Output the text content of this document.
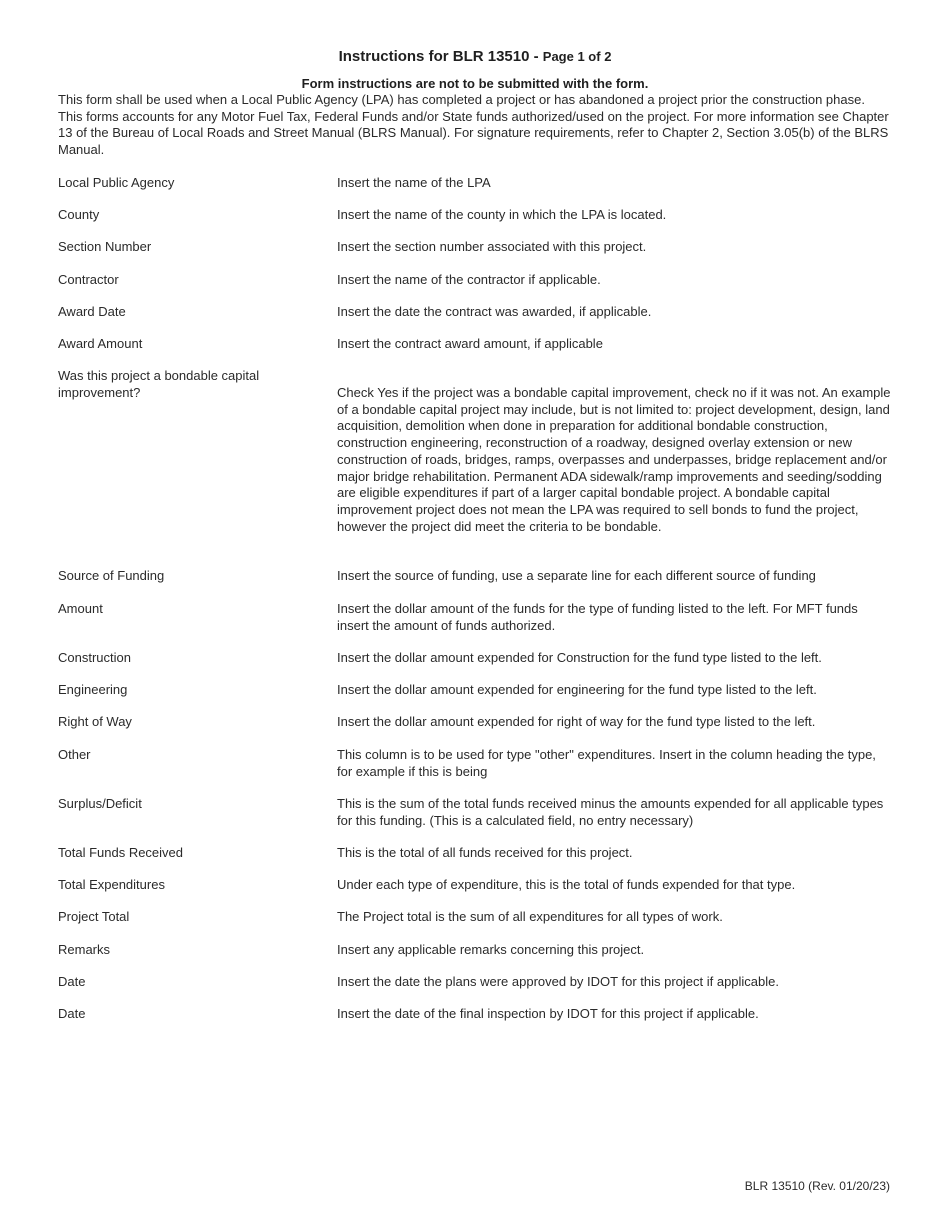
Instructions for BLR 13510 - Page 1 of 2
Form instructions are not to be submitted with the form.
This form shall be used when a Local Public Agency (LPA) has completed a project or has abandoned a project prior the construction phase. This forms accounts for any Motor Fuel Tax, Federal Funds and/or State funds authorized/used on the project. For more information see Chapter 13 of the Bureau of Local Roads and Street Manual (BLRS Manual). For signature requirements, refer to Chapter 2, Section 3.05(b) of the BLRS Manual.
Local Public Agency	Insert the name of the LPA
County	Insert the name of the county in which the LPA is located.
Section Number	Insert the section number associated with this project.
Contractor	Insert the name of the contractor if applicable.
Award Date	Insert the date the contract was awarded, if applicable.
Award Amount	Insert the contract award amount, if applicable
Was this project a bondable capital improvement?	Check Yes if the project was a bondable capital improvement, check no if it was not. An example of a bondable capital project may include, but is not limited to: project development, design, land acquisition, demolition when done in preparation for additional bondable construction, construction engineering, reconstruction of a roadway, designed overlay extension or new construction of roads, bridges, ramps, overpasses and underpasses, bridge replacement and/or major bridge rehabilitation. Permanent ADA sidewalk/ramp improvements and seeding/sodding are eligible expenditures if part of a larger capital bondable project. A bondable capital improvement project does not mean the LPA was required to sell bonds to fund the project, however the project did meet the criteria to be bondable.
Source of Funding	Insert the source of funding, use a separate line for each different source of funding
Amount	Insert the dollar amount of the funds for the type of funding listed to the left. For MFT funds insert the amount of funds authorized.
Construction	Insert the dollar amount expended for Construction for the fund type listed to the left.
Engineering	Insert the dollar amount expended for engineering for the fund type listed to the left.
Right of Way	Insert the dollar amount expended for right of way for the fund type listed to the left.
Other	This column is to be used for type "other" expenditures. Insert in the column heading the type, for example if this is being
Surplus/Deficit	This is the sum of the total funds received minus the amounts expended for all applicable types for this funding. (This is a calculated field, no entry necessary)
Total Funds Received	This is the total of all funds received for this project.
Total Expenditures	Under each type of expenditure, this is the total of funds expended for that type.
Project Total	The Project total is the sum of all expenditures for all types of work.
Remarks	Insert any applicable remarks concerning this project.
Date	Insert the date the plans were approved by IDOT for this project if applicable.
Date	Insert the date of the final inspection by IDOT for this project if applicable.
BLR 13510 (Rev. 01/20/23)
